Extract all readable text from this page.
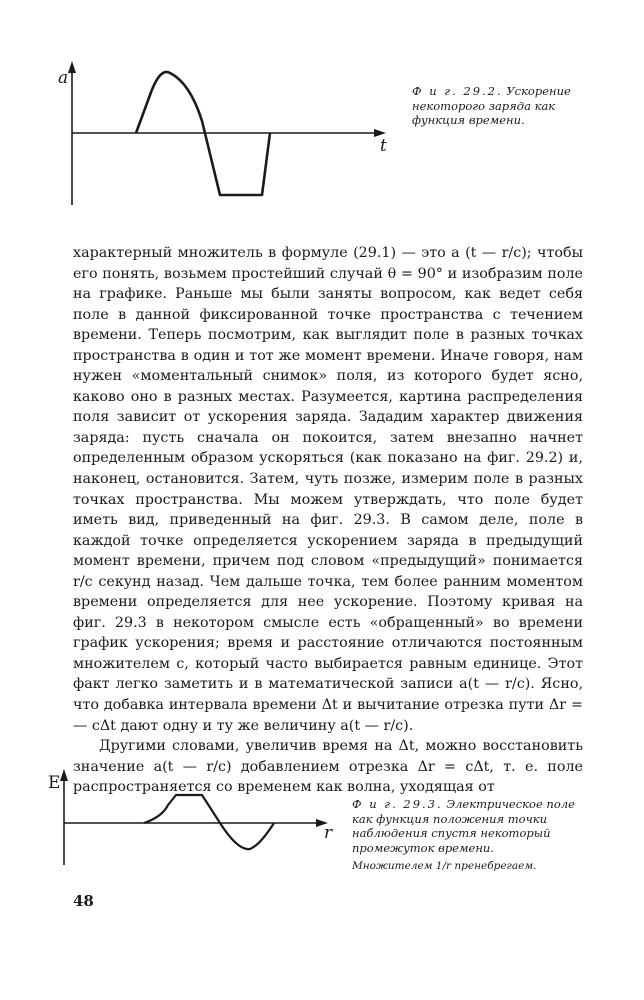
a
t
Ф и г. 29.2. Ускорение некоторого заряда как функция времени.

характерный множитель в формуле (29.1) — это a (t — r/c); чтобы его понять, возьмем простейший случай θ = 90° и изобразим поле на графике. Раньше мы были заняты вопросом, как ведет себя поле в данной фиксированной точке пространства с течением времени. Теперь посмотрим, как выглядит поле в разных точках пространства в один и тот же момент времени. Иначе говоря, нам нужен «моментальный снимок» поля, из которого будет ясно, каково оно в разных местах. Разумеется, картина распределения поля зависит от ускорения заряда. Зададим характер движения заряда: пусть сначала он покоится, затем внезапно начнет определенным образом ускоряться (как показано на фиг. 29.2) и, наконец, остановится. Затем, чуть позже, измерим поле в разных точках пространства. Мы можем утверждать, что поле будет иметь вид, приведенный на фиг. 29.3. В самом деле, поле в каждой точке определяется ускорением заряда в предыдущий момент времени, причем под словом «предыдущий» понимается r/c секунд назад. Чем дальше точка, тем более ранним моментом времени определяется для нее ускорение. Поэтому кривая на фиг. 29.3 в некотором смысле есть «обращенный» во времени график ускорения; время и расстояние отличаются постоянным множителем c, который часто выбирается равным единице. Этот факт легко заметить и в математической записи a(t — r/c). Ясно, что добавка интервала времени Δt и вычитание отрезка пути Δr = — cΔt дают одну и ту же величину a(t — r/c).

Другими словами, увеличив время на Δt, можно восстановить значение a(t — r/c) добавлением отрезка Δr = cΔt, т. е. поле распространяется со временем как волна, уходящая от

E
r
Ф и г. 29.3. Электрическое поле как функция положения точки наблюдения спустя некоторый промежуток времени.
Множителем 1/r пренебрегаем.
48
